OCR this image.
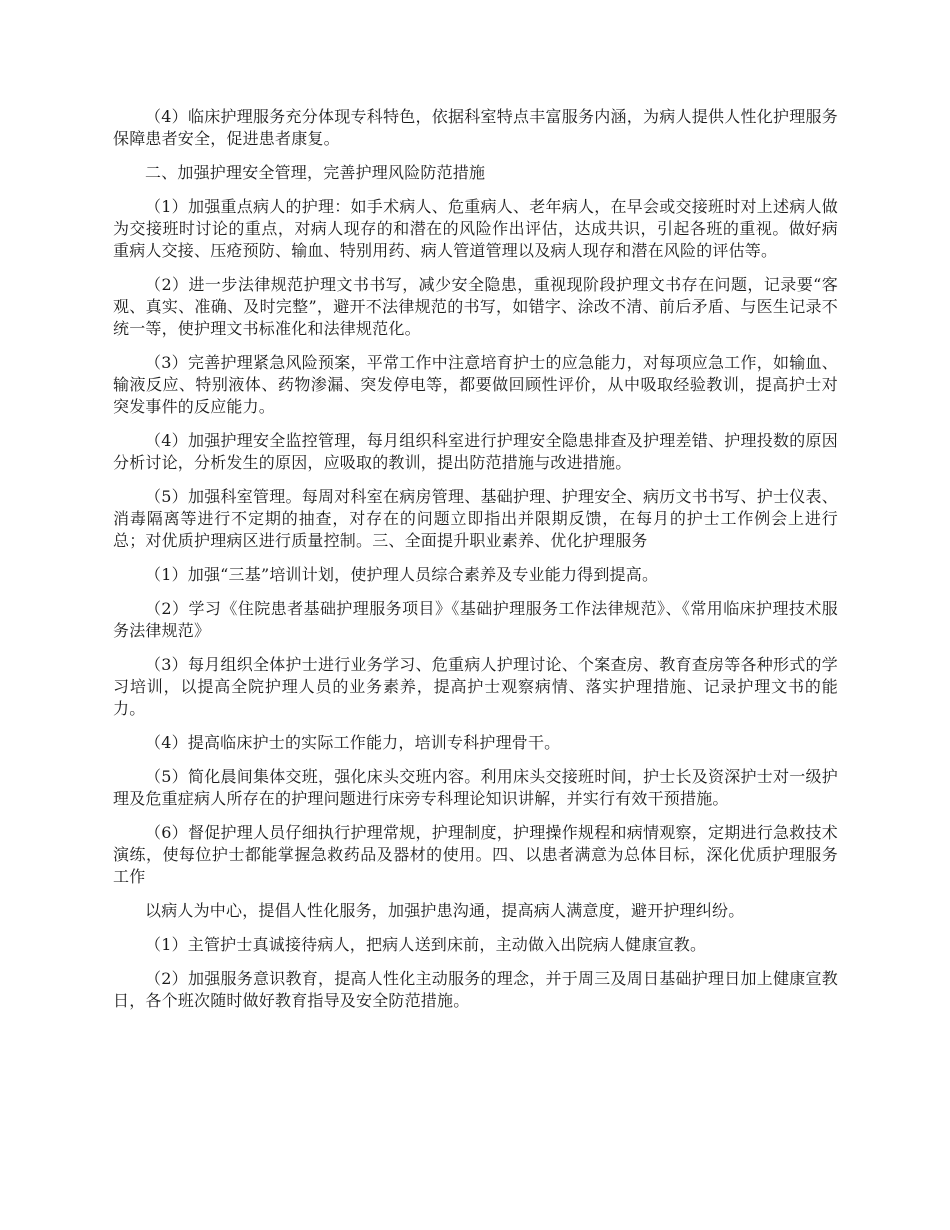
（4）临床护理服务充分体现专科特色，依据科室特点丰富服务内涵，为病人提供人性化护理服务保障患者安全，促进患者康复。

二、加强护理安全管理，完善护理风险防范措施

（1）加强重点病人的护理：如手术病人、危重病人、老年病人，在早会或交接班时对上述病人做为交接班时讨论的重点，对病人现存的和潜在的风险作出评估，达成共识，引起各班的重视。做好病重病人交接、压疮预防、输血、特别用药、病人管道管理以及病人现存和潜在风险的评估等。

（2）进一步法律规范护理文书书写，减少安全隐患，重视现阶段护理文书存在问题，记录要“客观、真实、准确、及时完整”，避开不法律规范的书写，如错字、涂改不清、前后矛盾、与医生记录不统一等，使护理文书标准化和法律规范化。

（3）完善护理紧急风险预案，平常工作中注意培育护士的应急能力，对每项应急工作，如输血、输液反应、特别液体、药物渗漏、突发停电等，都要做回顾性评价，从中吸取经验教训，提高护士对突发事件的反应能力。

（4）加强护理安全监控管理，每月组织科室进行护理安全隐患排查及护理差错、护理投数的原因分析讨论，分析发生的原因，应吸取的教训，提出防范措施与改进措施。

（5）加强科室管理。每周对科室在病房管理、基础护理、护理安全、病历文书书写、护士仪表、消毒隔离等进行不定期的抽查，对存在的问题立即指出并限期反馈，在每月的护士工作例会上进行总；对优质护理病区进行质量控制。三、全面提升职业素养、优化护理服务

（1）加强“三基”培训计划，使护理人员综合素养及专业能力得到提高。

（2）学习《住院患者基础护理服务项目》《基础护理服务工作法律规范》、《常用临床护理技术服务法律规范》

（3）每月组织全体护士进行业务学习、危重病人护理讨论、个案查房、教育查房等各种形式的学习培训，以提高全院护理人员的业务素养，提高护士观察病情、落实护理措施、记录护理文书的能力。

（4）提高临床护士的实际工作能力，培训专科护理骨干。

（5）简化晨间集体交班，强化床头交班内容。利用床头交接班时间，护士长及资深护士对一级护理及危重症病人所存在的护理问题进行床旁专科理论知识讲解，并实行有效干预措施。

（6）督促护理人员仔细执行护理常规，护理制度，护理操作规程和病情观察，定期进行急救技术演练，使每位护士都能掌握急救药品及器材的使用。四、以患者满意为总体目标，深化优质护理服务工作

以病人为中心，提倡人性化服务，加强护患沟通，提高病人满意度，避开护理纠纷。

（1）主管护士真诚接待病人，把病人送到床前，主动做入出院病人健康宣教。

（2）加强服务意识教育，提高人性化主动服务的理念，并于周三及周日基础护理日加上健康宣教日，各个班次随时做好教育指导及安全防范措施。
